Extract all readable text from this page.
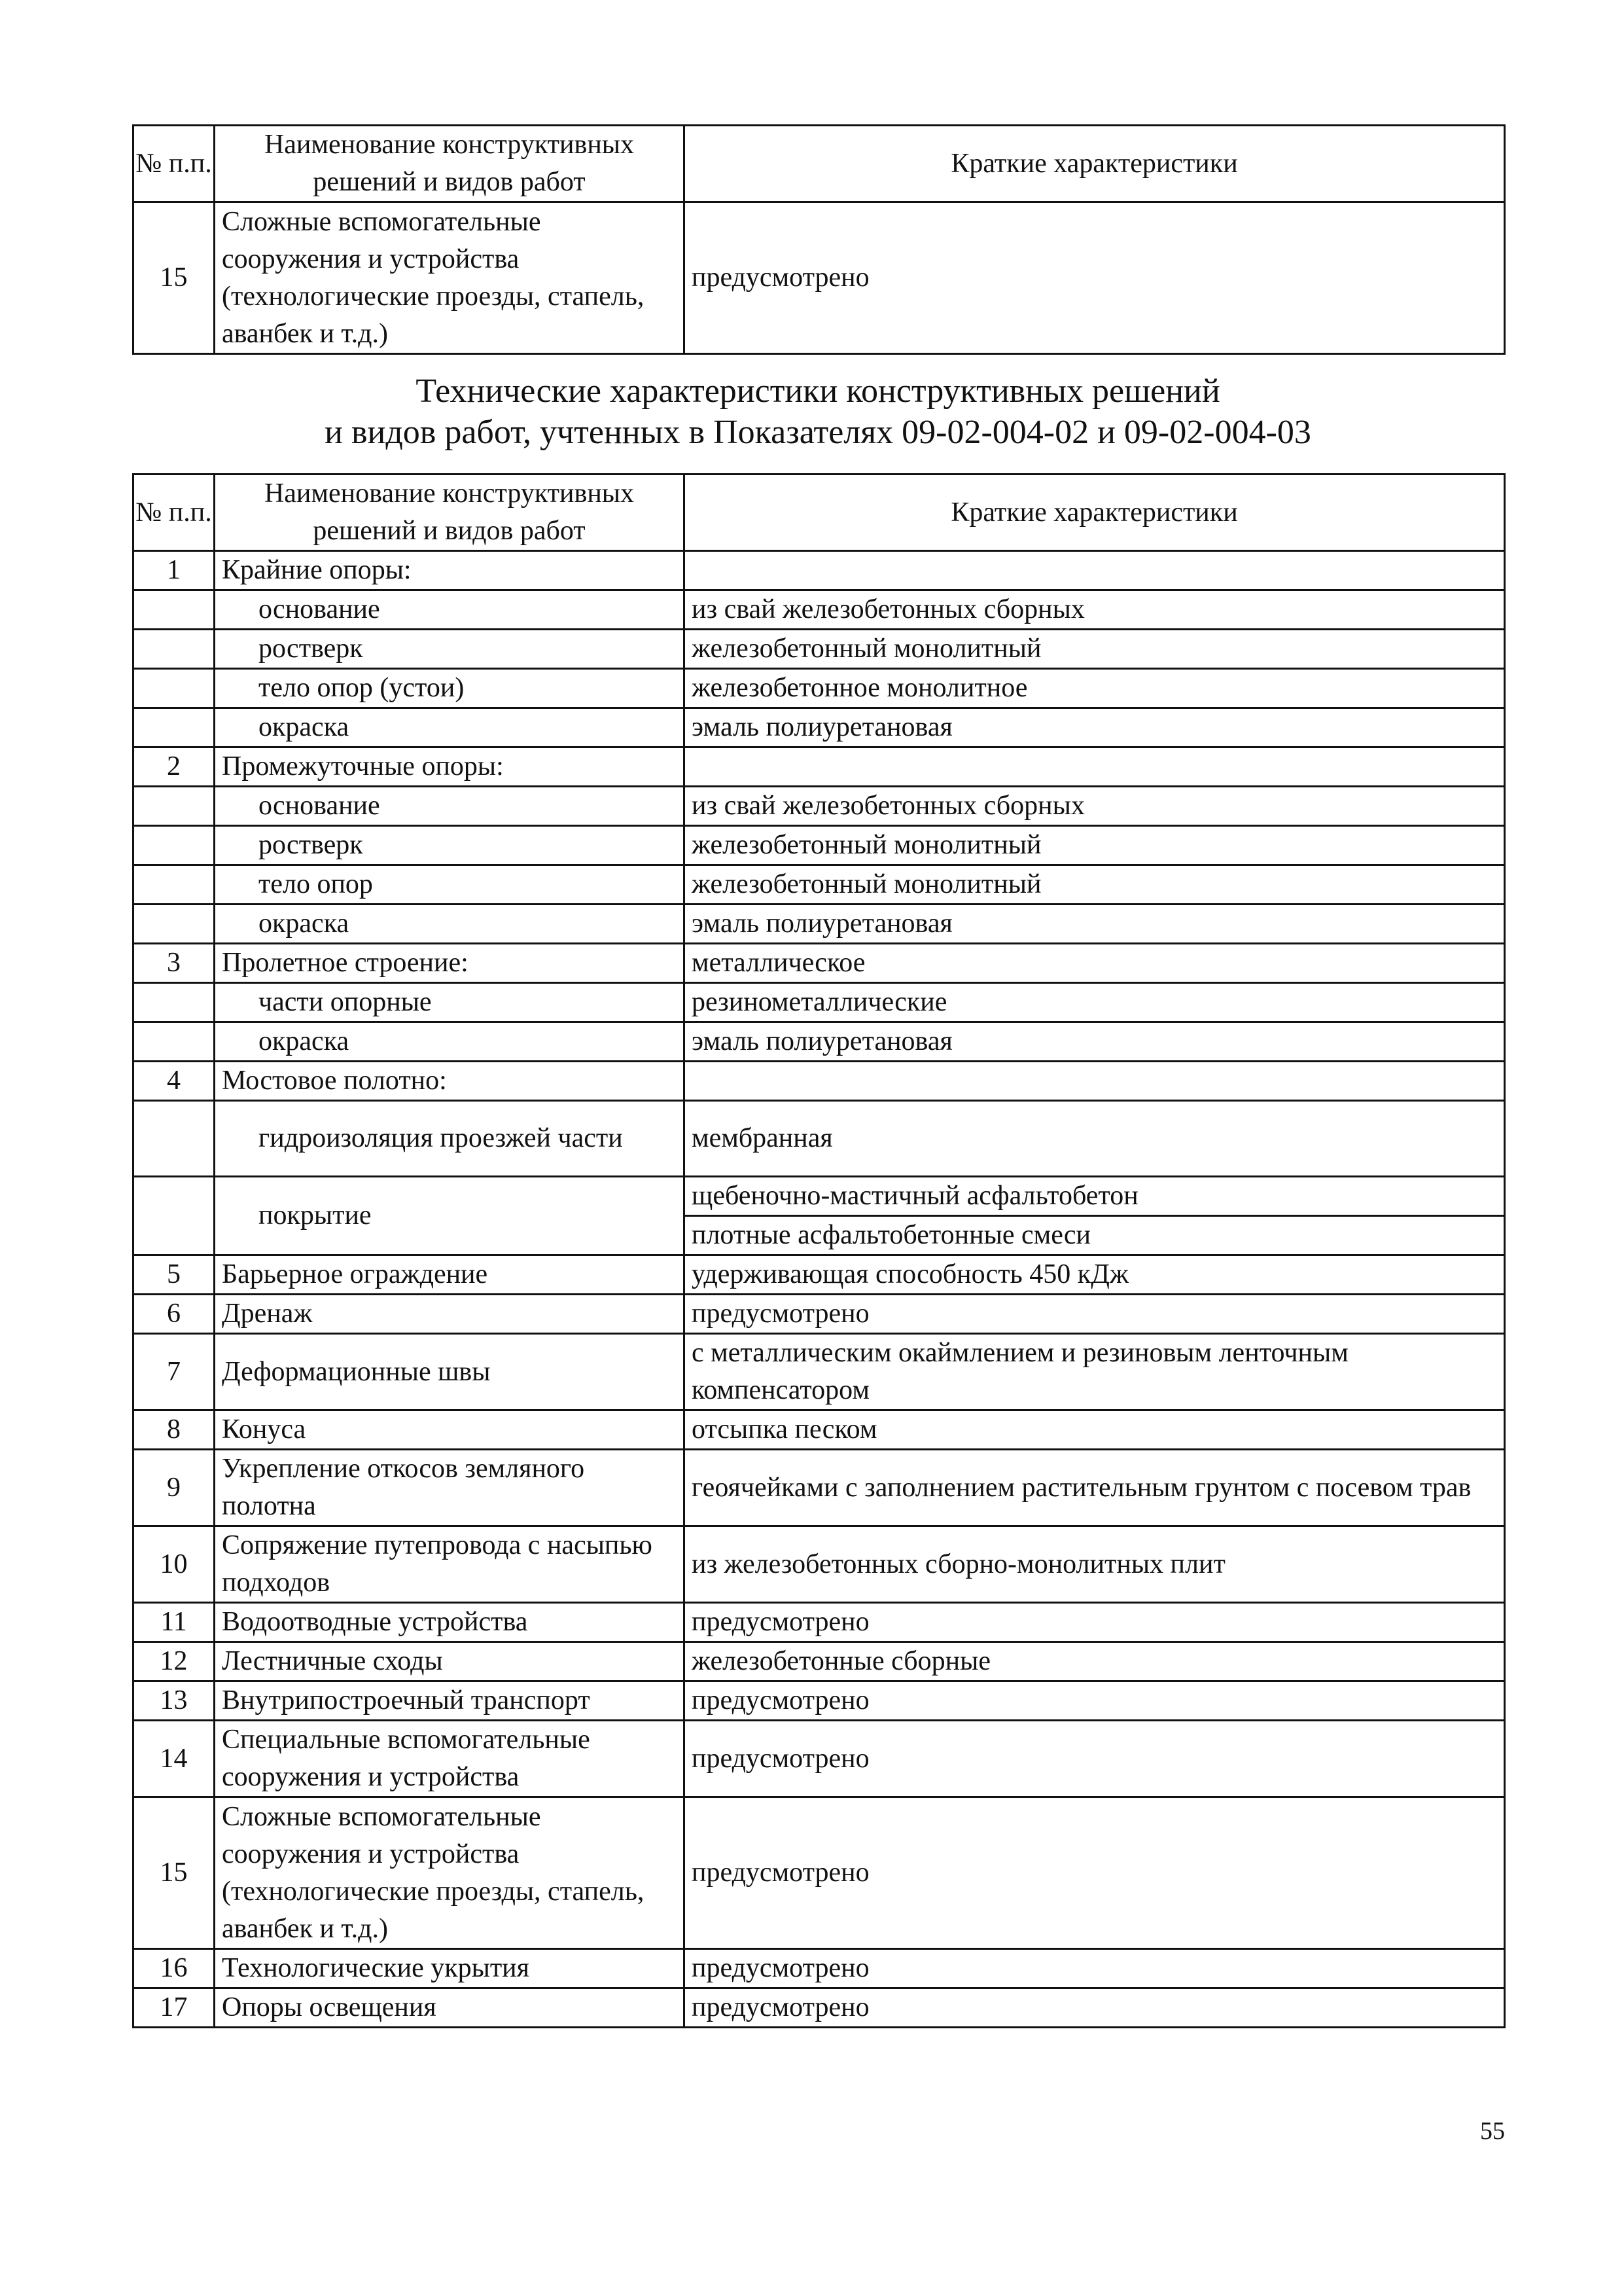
№ п.п.	Наименование конструктивных решений и видов работ	Краткие характеристики
15	Сложные вспомогательные сооружения и устройства (технологические проезды, стапель, аванбек и т.д.)	предусмотрено
Технические характеристики конструктивных решений
и видов работ, учтенных в Показателях 09-02-004-02 и 09-02-004-03
№ п.п.	Наименование конструктивных решений и видов работ	Краткие характеристики
1	Крайние опоры:	
	основание	из свай железобетонных сборных
	ростверк	железобетонный монолитный
	тело опор (устои)	железобетонное монолитное
	окраска	эмаль полиуретановая
2	Промежуточные опоры:	
	основание	из свай железобетонных сборных
	ростверк	железобетонный монолитный
	тело опор	железобетонный монолитный
	окраска	эмаль полиуретановая
3	Пролетное строение:	металлическое
	части опорные	резинометаллические
	окраска	эмаль полиуретановая
4	Мостовое полотно:	
	гидроизоляция проезжей части	мембранная
	покрытие	щебеночно-мастичный асфальтобетон
		плотные асфальтобетонные смеси
5	Барьерное ограждение	удерживающая способность 450 кДж
6	Дренаж	предусмотрено
7	Деформационные швы	с металлическим окаймлением и резиновым ленточным компенсатором
8	Конуса	отсыпка песком
9	Укрепление откосов земляного полотна	геоячейками с заполнением растительным грунтом с посевом трав
10	Сопряжение путепровода с насыпью подходов	из железобетонных сборно-монолитных плит
11	Водоотводные устройства	предусмотрено
12	Лестничные сходы	железобетонные сборные
13	Внутрипостроечный транспорт	предусмотрено
14	Специальные вспомогательные сооружения и устройства	предусмотрено
15	Сложные вспомогательные сооружения и устройства (технологические проезды, стапель, аванбек и т.д.)	предусмотрено
16	Технологические укрытия	предусмотрено
17	Опоры освещения	предусмотрено
55
